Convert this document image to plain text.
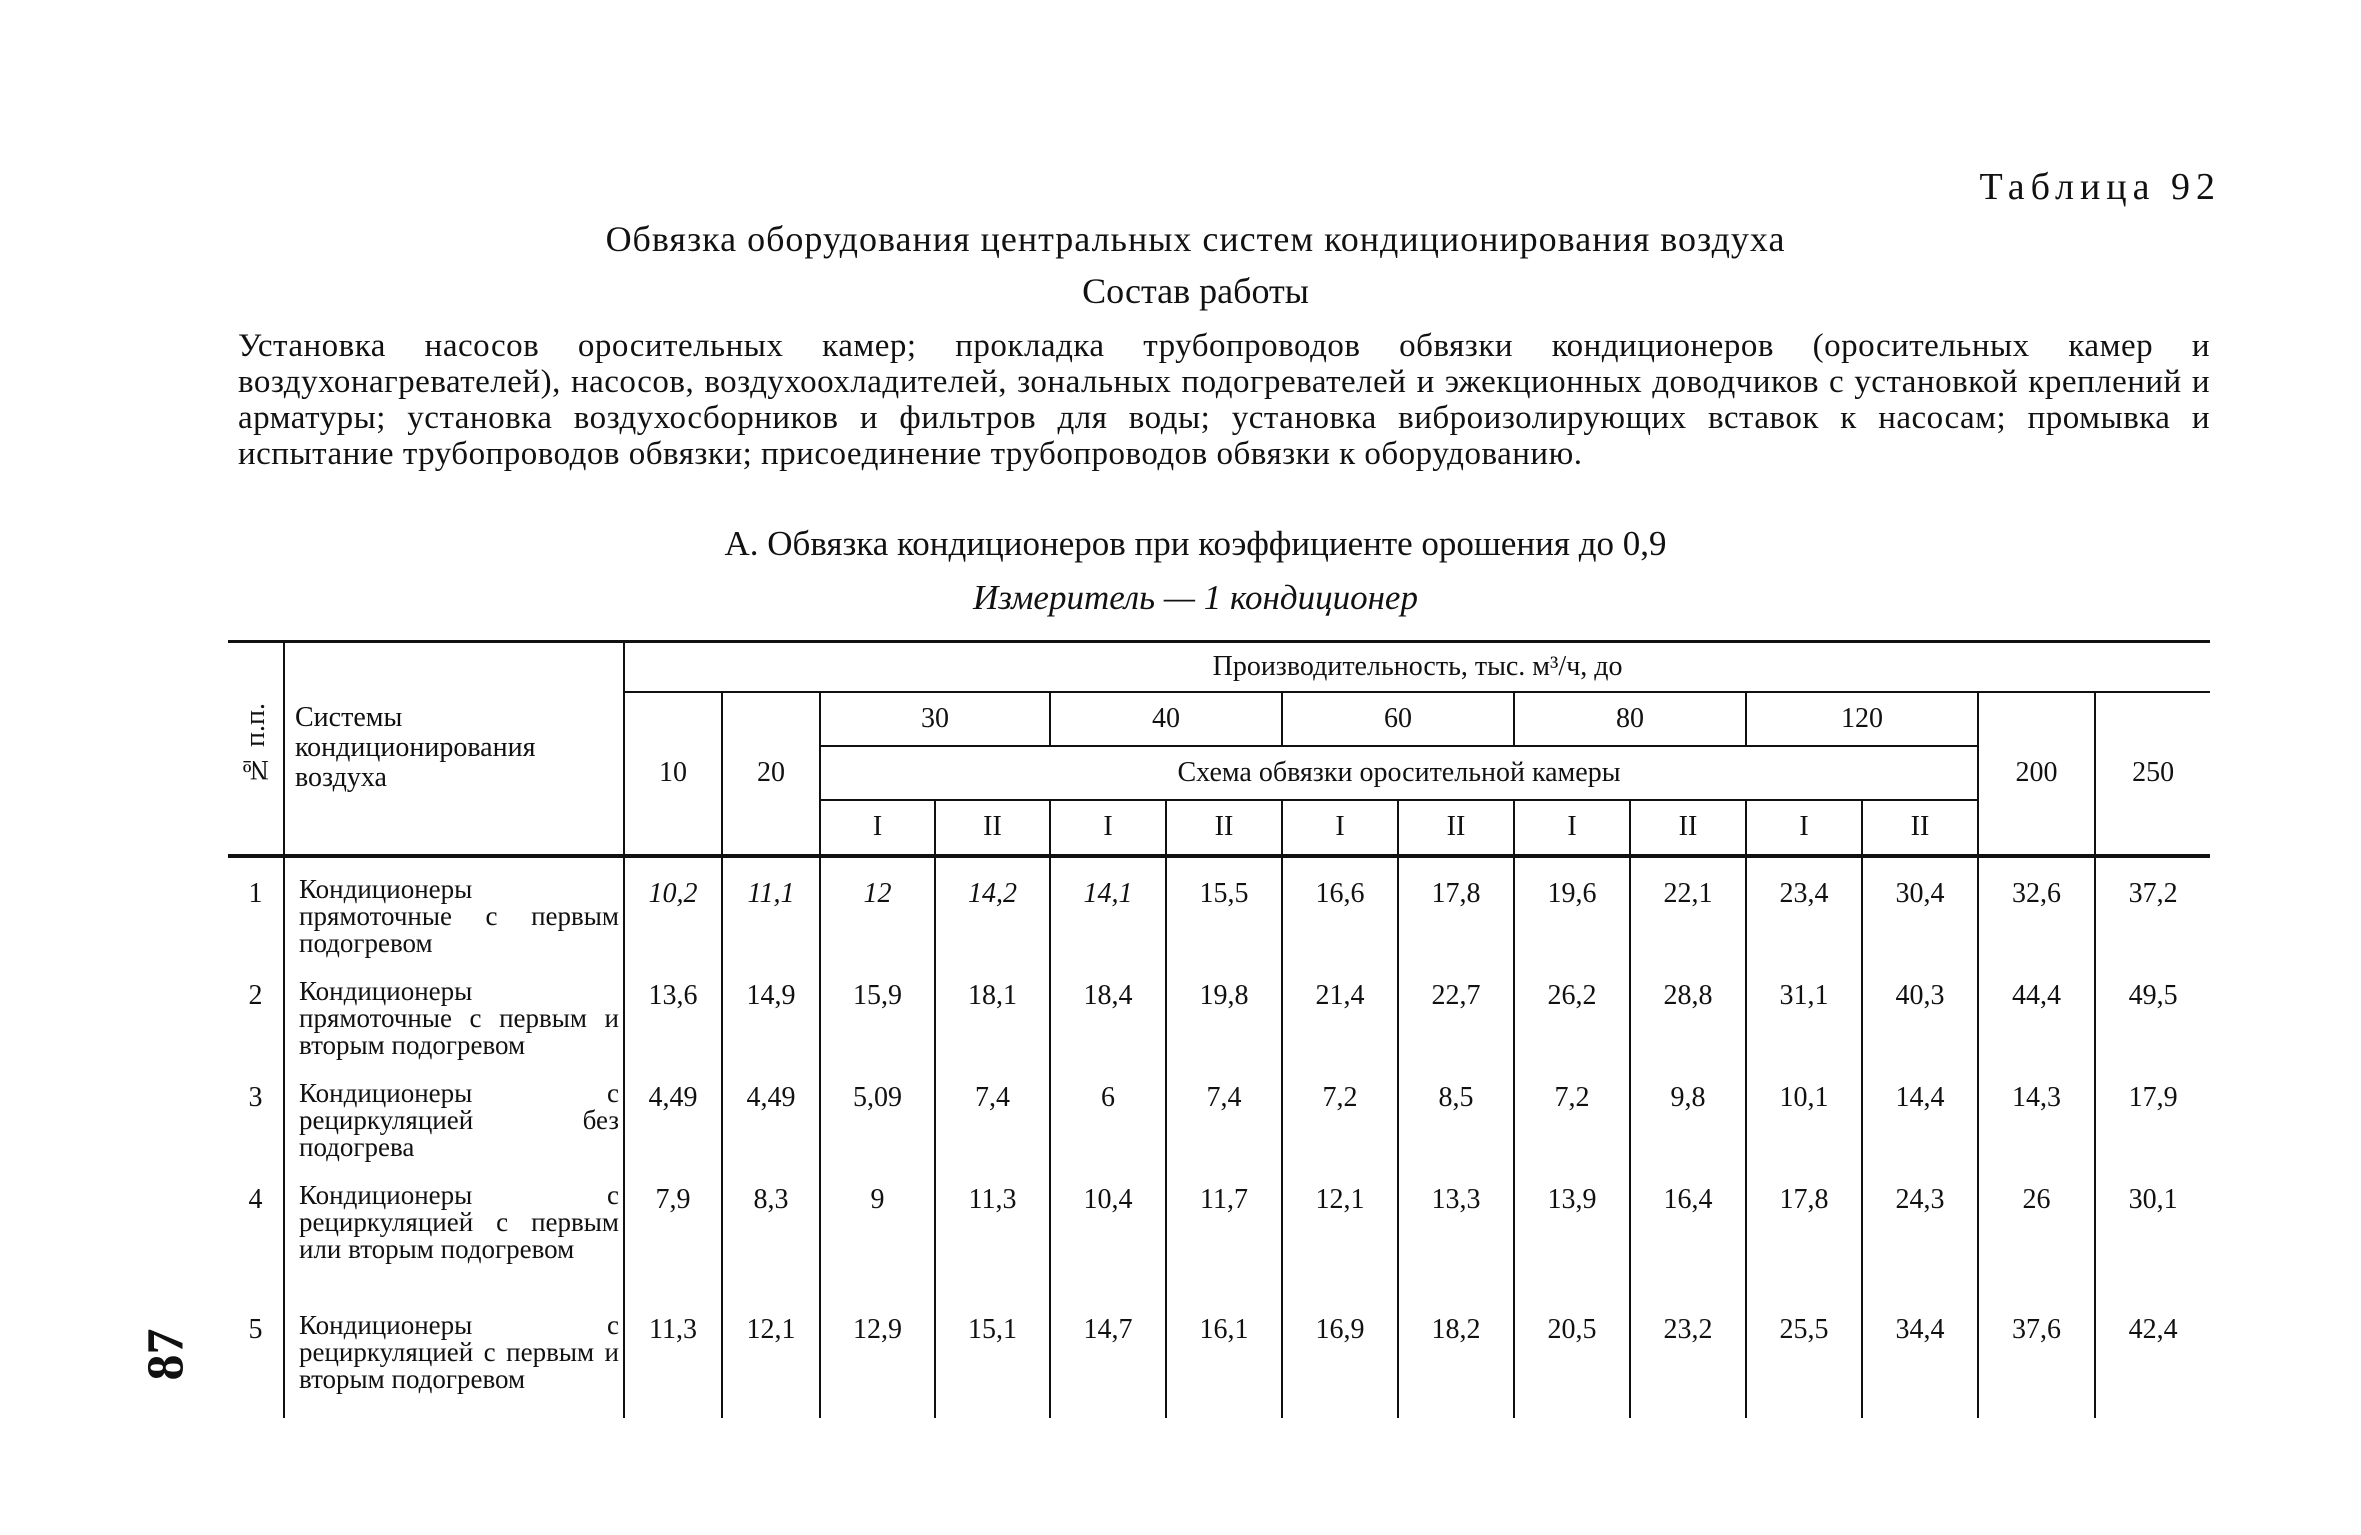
Таблица 92
Обвязка оборудования центральных систем кондиционирования воздуха
Состав работы
Установка насосов оросительных камер; прокладка трубопроводов обвязки кондиционеров (оросительных камер и воздухонагревателей), насосов, воздухоохладителей, зональных подогревателей и эжекционных доводчиков с установкой креплений и арматуры; установка воздухосборников и фильтров для воды; установка виброизолирующих вставок к насосам; промывка и испытание трубопроводов обвязки; присоединение трубопроводов обвязки к оборудованию.
А. Обвязка кондиционеров при коэффициенте орошения до 0,9
Измеритель — 1 кондиционер
87
№ п.п.	Системы кондиционирования воздуха	Производительность, тыс. м³/ч, до													
		10	20	30		40		60		80		120		200	250
				Схема обвязки оросительной камеры											
				I	II	I	II	I	II	I	II	I	II		
1	Кондиционеры прямоточные с первым подогревом	10,2	11,1	12	14,2	14,1	15,5	16,6	17,8	19,6	22,1	23,4	30,4	32,6	37,2
2	Кондиционеры прямоточные с первым и вторым подогревом	13,6	14,9	15,9	18,1	18,4	19,8	21,4	22,7	26,2	28,8	31,1	40,3	44,4	49,5
3	Кондиционеры с рециркуляцией без подогрева	4,49	4,49	5,09	7,4	6	7,4	7,2	8,5	7,2	9,8	10,1	14,4	14,3	17,9
4	Кондиционеры с рециркуляцией с первым или вторым подогревом	7,9	8,3	9	11,3	10,4	11,7	12,1	13,3	13,9	16,4	17,8	24,3	26	30,1
5	Кондиционеры с рециркуляцией с первым и вторым подогревом	11,3	12,1	12,9	15,1	14,7	16,1	16,9	18,2	20,5	23,2	25,5	34,4	37,6	42,4
